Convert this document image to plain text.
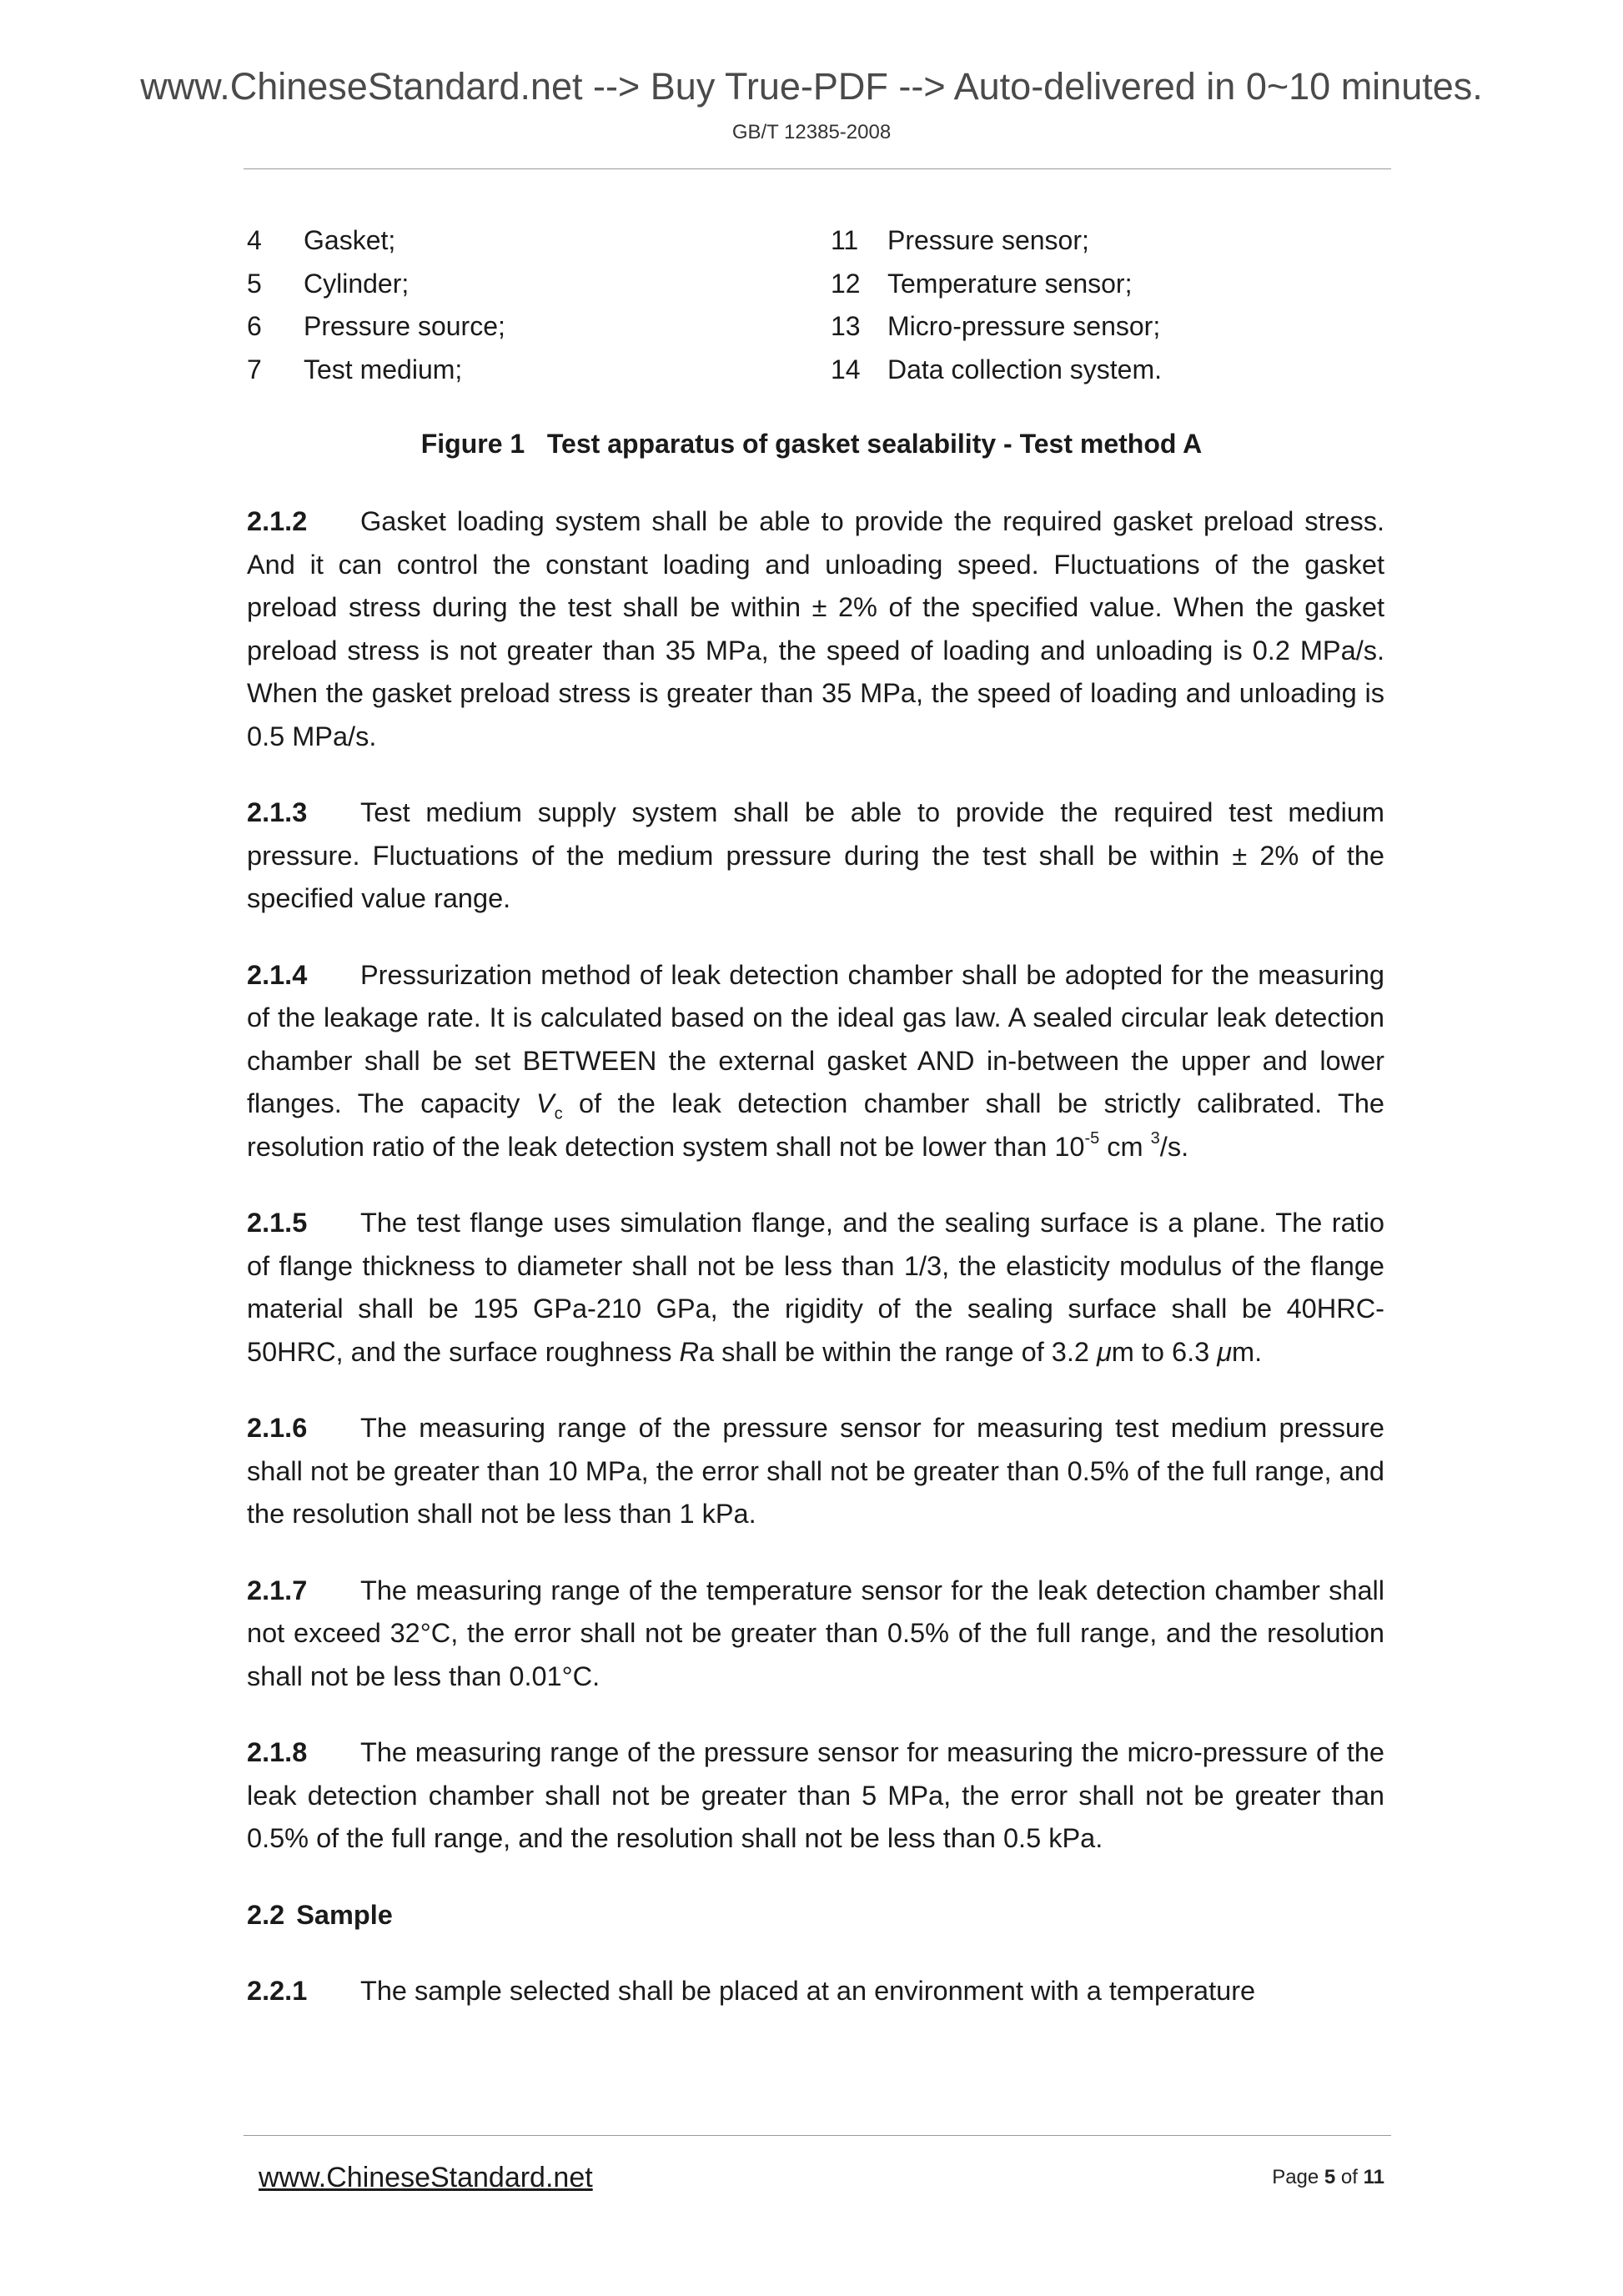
www.ChineseStandard.net --> Buy True-PDF --> Auto-delivered in 0~10 minutes.
GB/T 12385-2008
4 Gasket;
5 Cylinder;
6 Pressure source;
7 Test medium;
11 Pressure sensor;
12 Temperature sensor;
13 Micro-pressure sensor;
14 Data collection system.
Figure 1   Test apparatus of gasket sealability - Test method A

2.1.2 Gasket loading system shall be able to provide the required gasket preload stress. And it can control the constant loading and unloading speed. Fluctuations of the gasket preload stress during the test shall be within ± 2% of the specified value. When the gasket preload stress is not greater than 35 MPa, the speed of loading and unloading is 0.2 MPa/s. When the gasket preload stress is greater than 35 MPa, the speed of loading and unloading is 0.5 MPa/s.

2.1.3 Test medium supply system shall be able to provide the required test medium pressure. Fluctuations of the medium pressure during the test shall be within ± 2% of the specified value range.

2.1.4 Pressurization method of leak detection chamber shall be adopted for the measuring of the leakage rate. It is calculated based on the ideal gas law. A sealed circular leak detection chamber shall be set BETWEEN the external gasket AND in-between the upper and lower flanges. The capacity $V_c$ of the leak detection chamber shall be strictly calibrated. The resolution ratio of the leak detection system shall not be lower than $10^{-5}$ cm $^3$/s.

2.1.5 The test flange uses simulation flange, and the sealing surface is a plane. The ratio of flange thickness to diameter shall not be less than 1/3, the elasticity modulus of the flange material shall be 195 GPa-210 GPa, the rigidity of the sealing surface shall be 40HRC- 50HRC, and the surface roughness Ra shall be within the range of 3.2 μm to 6.3 μm.

2.1.6 The measuring range of the pressure sensor for measuring test medium pressure shall not be greater than 10 MPa, the error shall not be greater than 0.5% of the full range, and the resolution shall not be less than 1 kPa.

2.1.7 The measuring range of the temperature sensor for the leak detection chamber shall not exceed 32°C, the error shall not be greater than 0.5% of the full range, and the resolution shall not be less than 0.01°C.

2.1.8 The measuring range of the pressure sensor for measuring the micro-pressure of the leak detection chamber shall not be greater than 5 MPa, the error shall not be greater than 0.5% of the full range, and the resolution shall not be less than 0.5 kPa.

2.2 Sample

2.2.1 The sample selected shall be placed at an environment with a temperature

www.ChineseStandard.net	Page 5 of 11
